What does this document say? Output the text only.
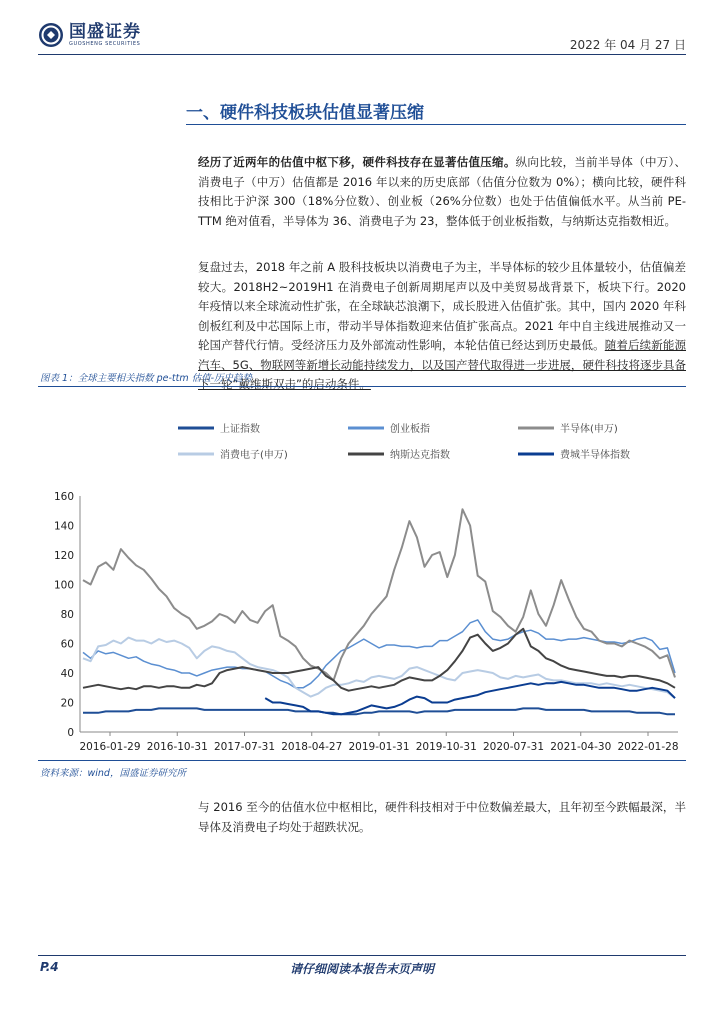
国盛证券
GUOSHENG SECURITIES	2022 年 04 月 27 日
一、硬件科技板块估值显著压缩

经历了近两年的估值中枢下移，硬件科技存在显著估值压缩。纵向比较，当前半导体（中万）、消费电子（中万）估值都是 2016 年以来的历史底部（估值分位数为 0%）；横向比较，硬件科技相比于沪深 300（18%分位数）、创业板（26%分位数）也处于估值偏低水平。从当前 PE-TTM 绝对值看，半导体为 36、消费电子为 23，整体低于创业板指数，与纳斯达克指数相近。

复盘过去，2018 年之前 A 股科技板块以消费电子为主，半导体标的较少且体量较小，估值偏差较大。2018H2~2019H1 在消费电子创新周期尾声以及中美贸易战背景下，板块下行。2020 年疫情以来全球流动性扩张，在全球缺芯浪潮下，成长股进入估值扩张。其中，国内 2020 年科创板红利及中芯国际上市，带动半导体指数迎来估值扩张高点。2021 年中自主线进展推动又一轮国产替代行情。受经济压力及外部流动性影响，本轮估值已经达到历史最低。随着后续新能源汽车、5G、物联网等新增长动能持续发力，以及国产替代取得进一步进展，硬件科技将逐步具备下一轮“戴维斯双击”的启动条件。

图表 1：全球主要相关指数 pe-ttm 估值-历史趋势
0
20
40
60
80
100
120
140
160
2016-01-29 2016-10-31 2017-07-31 2018-04-27 2019-01-31 2019-10-31 2020-07-31 2021-04-30 2022-01-28
上证指数	创业板指	半导体(申万)
消费电子(申万)	纳斯达克指数	费城半导体指数
资料来源：wind，国盛证券研究所

与 2016 至今的估值水位中枢相比，硬件科技相对于中位数偏差最大，且年初至今跌幅最深，半导体及消费电子均处于超跌状况。

P.4	请仔细阅读本报告末页声明
